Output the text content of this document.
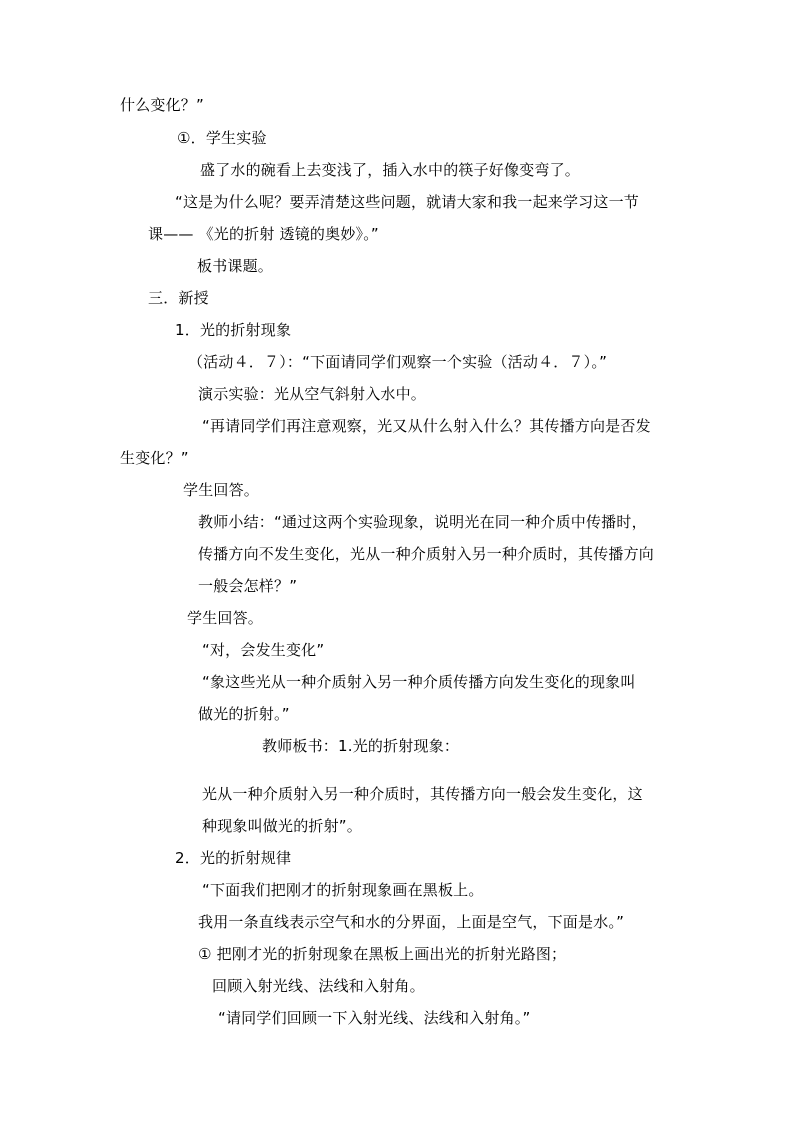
什么变化？”
①．学生实验
盛了水的碗看上去变浅了，插入水中的筷子好像变弯了。
“这是为什么呢？要弄清楚这些问题，就请大家和我一起来学习这一节
课—— 《光的折射 透镜的奥妙》。”
板书课题。
三．新授
1．光的折射现象
（活动４．７）：“下面请同学们观察一个实验（活动４．７）。”
演示实验：光从空气斜射入水中。
“再请同学们再注意观察，光又从什么射入什么？其传播方向是否发
生变化？”
学生回答。
教师小结：“通过这两个实验现象，说明光在同一种介质中传播时，
传播方向不发生变化，光从一种介质射入另一种介质时，其传播方向
一般会怎样？”
学生回答。
“对，会发生变化”
“象这些光从一种介质射入另一种介质传播方向发生变化的现象叫
做光的折射。”
教师板书：1.光的折射现象：
光从一种介质射入另一种介质时，其传播方向一般会发生变化，这
种现象叫做光的折射”。
2．光的折射规律
“下面我们把刚才的折射现象画在黑板上。
我用一条直线表示空气和水的分界面，上面是空气，下面是水。”
① 把刚才光的折射现象在黑板上画出光的折射光路图；
回顾入射光线、法线和入射角。
“请同学们回顾一下入射光线、法线和入射角。”
